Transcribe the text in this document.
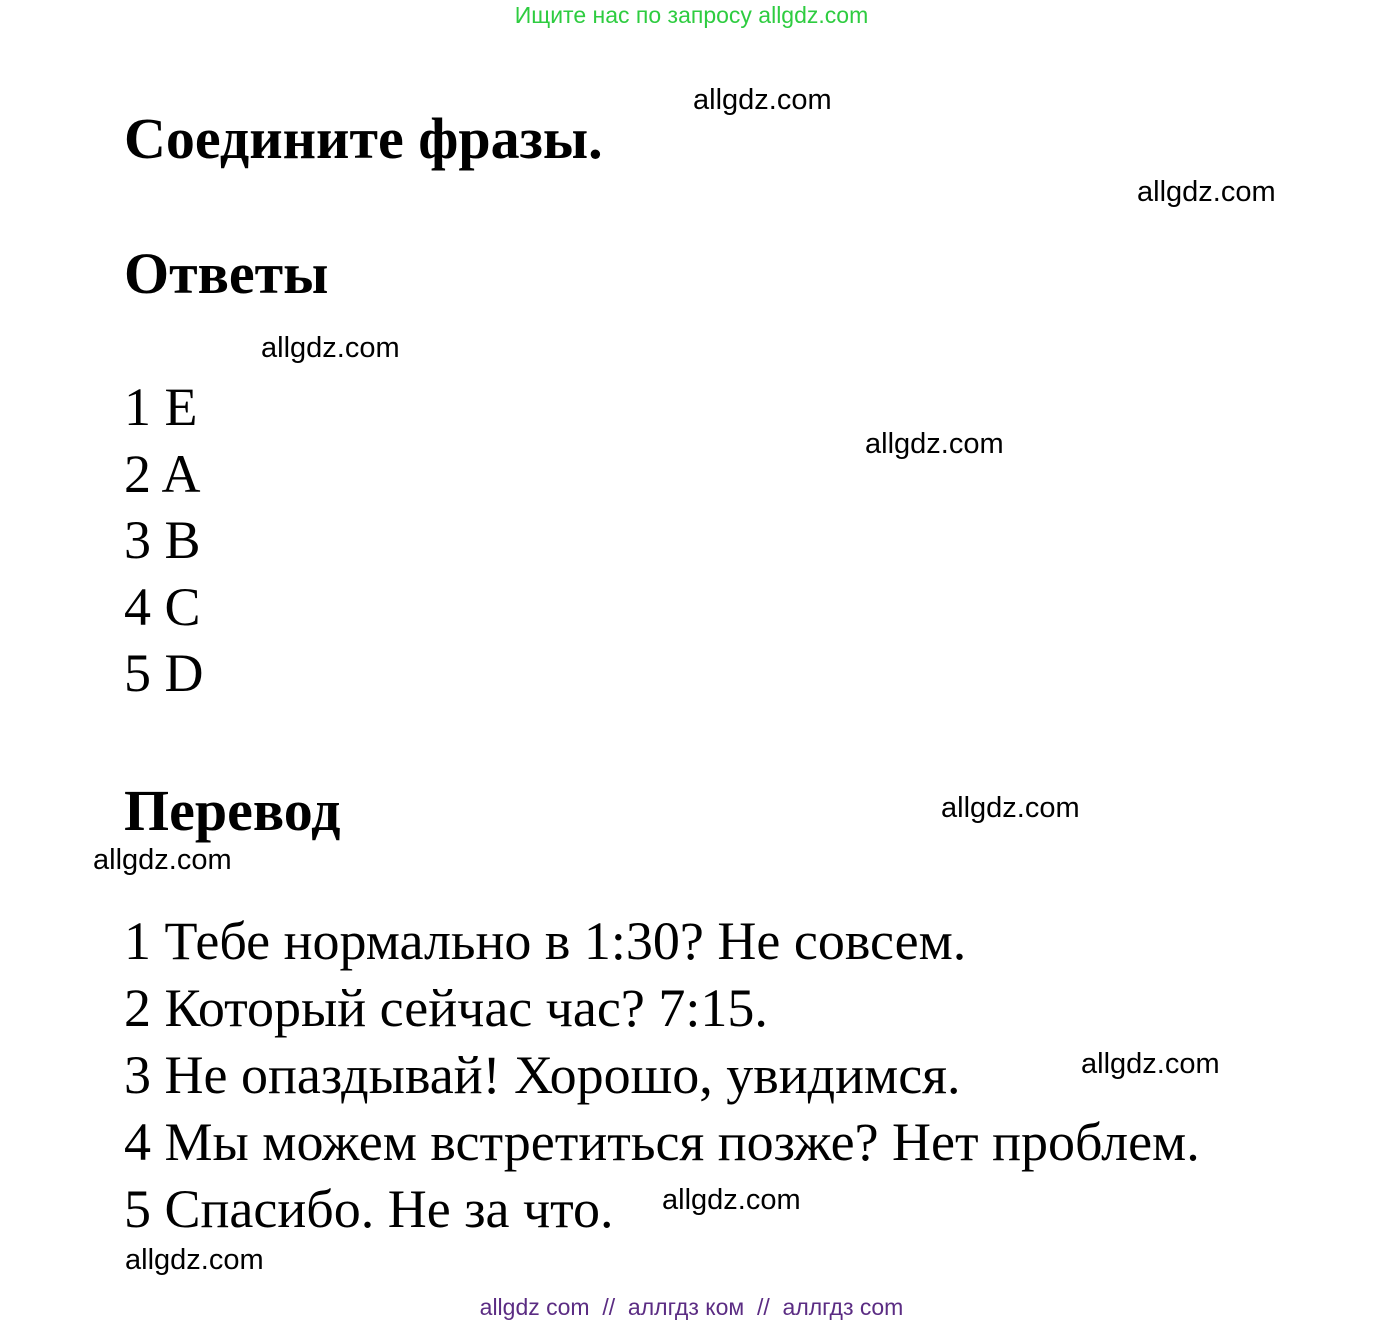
Ищите нас по запросу allgdz.com
Соедините фразы.
Ответы
1 E
2 A
3 B
4 C
5 D
Перевод
1 Тебе нормально в 1:30? Не совсем.
2 Который сейчас час? 7:15.
3 Не опаздывай! Хорошо, увидимся.
4 Мы можем встретиться позже? Нет проблем.
5 Спасибо. Не за что.
allgdz.com
allgdz.com
allgdz.com
allgdz.com
allgdz.com
allgdz.com
allgdz.com
allgdz.com
allgdz.com
allgdz com  //  аллгдз ком  //  аллгдз com
